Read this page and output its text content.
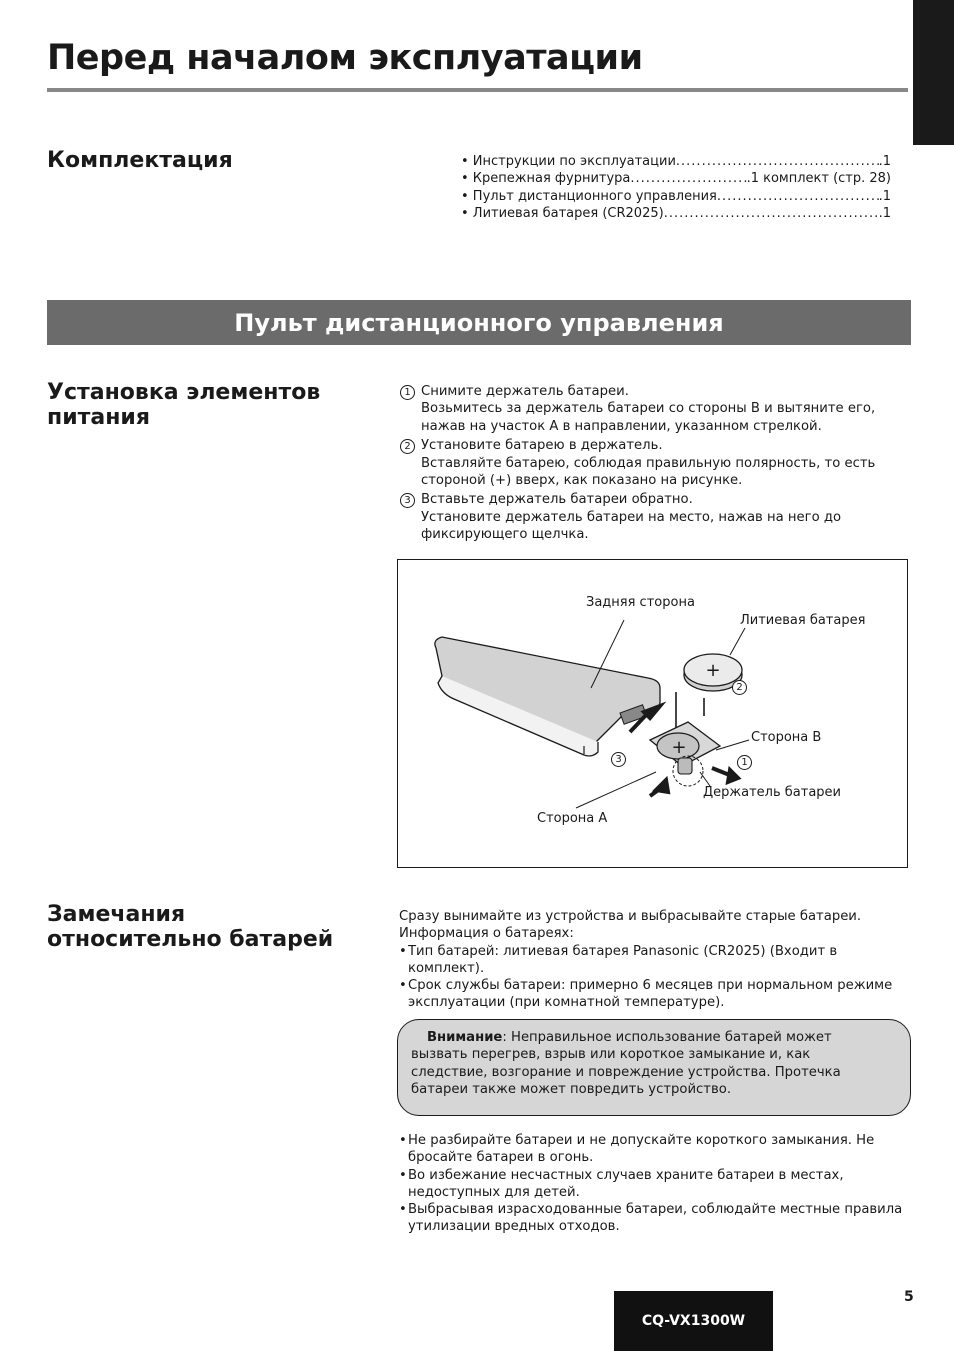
Перед началом эксплуатации
Комплектация	• Инструкции по эксплуатации .....	.1
• Крепежная фурнитура .....	.1 комплект (стр. 28)
• Пульт дистанционного управления .....	.1
• Литиевая батарея (CR2025) .....	.1
Пульт дистанционного управления
Установка элементов
питания
1 Снимите держатель батареи.
Возьмитесь за держатель батареи со стороны B и вытяните его, нажав на участок А в направлении, указанном стрелкой.
2 Установите батарею в держатель.
Вставляйте батарею, соблюдая правильную полярность, то есть стороной (+) вверх, как показано на рисунке.
3 Вставьте держатель батареи обратно.
Установите держатель батареи на место, нажав на него до фиксирующего щелчка.
+
+
Задняя сторона
Литиевая батарея
Сторона B
Держатель батареи
Сторона А
2
1
3
Замечания
относительно батарей

Сразу вынимайте из устройства и выбрасывайте старые батареи.

Информация о батареях:

• Тип батарей: литиевая батарея Panasonic (CR2025) (Входит в комплект).
• Срок службы батареи: примерно 6 месяцев при нормальном режиме эксплуатации (при комнатной температуре).
Внимание: Неправильное использование батарей может вызвать перегрев, взрыв или короткое замыкание и, как следствие, возгорание и повреждение устройства. Протечка батареи также может повредить устройство.
• Не разбирайте батареи и не допускайте короткого замыкания. Не бросайте батареи в огонь.
• Во избежание несчастных случаев храните батареи в местах, недоступных для детей.
• Выбрасывая израсходованные батареи, соблюдайте местные правила утилизации вредных отходов.
5
CQ-VX1300W
